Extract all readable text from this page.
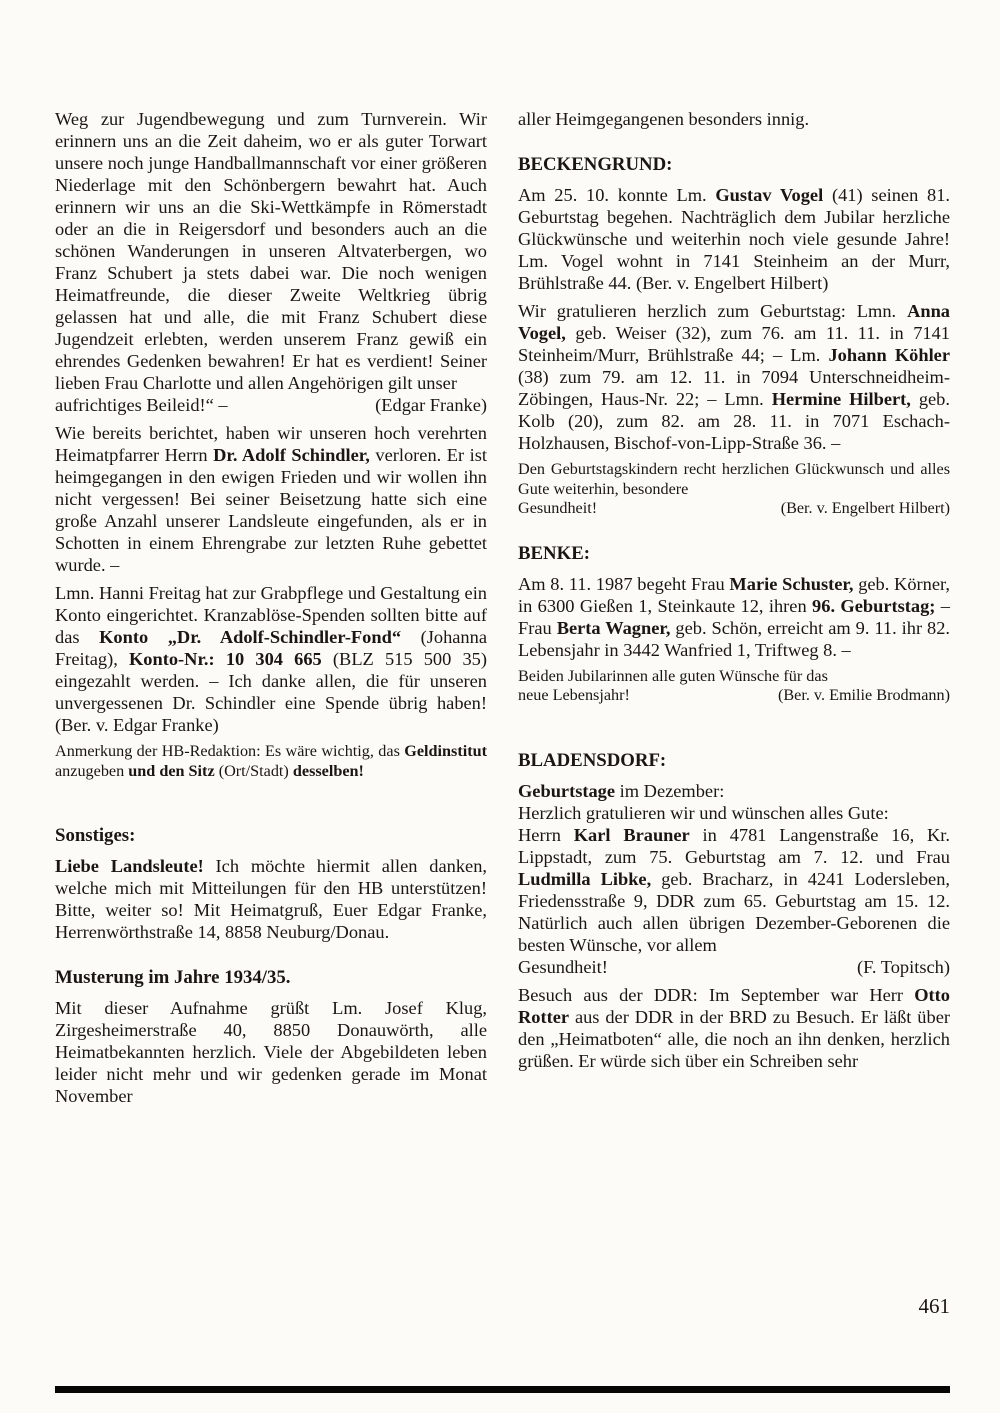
Weg zur Jugendbewegung und zum Turnverein. Wir erinnern uns an die Zeit daheim, wo er als guter Torwart unsere noch junge Handballmannschaft vor einer größeren Niederlage mit den Schönbergern bewahrt hat. Auch erinnern wir uns an die Ski-Wettkämpfe in Römerstadt oder an die in Reigersdorf und besonders auch an die schönen Wanderungen in unseren Altvaterbergen, wo Franz Schubert ja stets dabei war. Die noch wenigen Heimatfreunde, die dieser Zweite Weltkrieg übrig gelassen hat und alle, die mit Franz Schubert diese Jugendzeit erlebten, werden unserem Franz gewiß ein ehrendes Gedenken bewahren! Er hat es verdient! Seiner lieben Frau Charlotte und allen Angehörigen gilt unser

aufrichtiges Beileid!“ –	(Edgar Franke)

Wie bereits berichtet, haben wir unseren hoch verehrten Heimatpfarrer Herrn Dr. Adolf Schindler, verloren. Er ist heimgegangen in den ewigen Frieden und wir wollen ihn nicht vergessen! Bei seiner Beisetzung hatte sich eine große Anzahl unserer Landsleute eingefunden, als er in Schotten in einem Ehrengrabe zur letzten Ruhe gebettet wurde. –

Lmn. Hanni Freitag hat zur Grabpflege und Gestaltung ein Konto eingerichtet. Kranzablöse-Spenden sollten bitte auf das Konto „Dr. Adolf-Schindler-Fond“ (Johanna Freitag), Konto-Nr.: 10 304 665 (BLZ 515 500 35) eingezahlt werden. – Ich danke allen, die für unseren unvergessenen Dr. Schindler eine Spende übrig haben!(Ber. v. Edgar Franke)

Anmerkung der HB-Redaktion: Es wäre wichtig, das Geldinstitut anzugeben und den Sitz (Ort/Stadt) desselben!

Sonstiges:

Liebe Landsleute! Ich möchte hiermit allen danken, welche mich mit Mitteilungen für den HB unterstützen! Bitte, weiter so! Mit Heimatgruß, Euer Edgar Franke, Herrenwörthstraße 14, 8858 Neuburg/Donau.

Musterung im Jahre 1934/35.

Mit dieser Aufnahme grüßt Lm. Josef Klug, Zirgesheimerstraße 40, 8850 Donauwörth, alle Heimatbekannten herzlich. Viele der Abgebildeten leben leider nicht mehr und wir gedenken gerade im Monat November

aller Heimgegangenen besonders innig.

BECKENGRUND:

Am 25. 10. konnte Lm. Gustav Vogel (41) seinen 81. Geburtstag begehen. Nachträglich dem Jubilar herzliche Glückwünsche und weiterhin noch viele gesunde Jahre! Lm. Vogel wohnt in 7141 Steinheim an der Murr, Brühlstraße 44. (Ber. v. Engelbert Hilbert)

Wir gratulieren herzlich zum Geburtstag: Lmn. Anna Vogel, geb. Weiser (32), zum 76. am 11. 11. in 7141 Steinheim/Murr, Brühlstraße 44; – Lm. Johann Köhler (38) zum 79. am 12. 11. in 7094 Unterschneidheim-Zöbingen, Haus-Nr. 22; – Lmn. Hermine Hilbert, geb. Kolb (20), zum 82. am 28. 11. in 7071 Eschach-Holzhausen, Bischof-von-Lipp-Straße 36. –

Den Geburtstagskindern recht herzlichen Glückwunsch und alles Gute weiterhin, besondere

Gesundheit!	(Ber. v. Engelbert Hilbert)
BENKE:

Am 8. 11. 1987 begeht Frau Marie Schuster, geb. Körner, in 6300 Gießen 1, Steinkaute 12, ihren 96. Geburtstag; – Frau Berta Wagner, geb. Schön, erreicht am 9. 11. ihr 82. Lebensjahr in 3442 Wanfried 1, Triftweg 8. –

Beiden Jubilarinnen alle guten Wünsche für das

neue Lebensjahr!	(Ber. v. Emilie Brodmann)
BLADENSDORF:

Geburtstage im Dezember:

Herzlich gratulieren wir und wünschen alles Gute:

Herrn Karl Brauner in 4781 Langenstraße 16, Kr. Lippstadt, zum 75. Geburtstag am 7. 12. und Frau Ludmilla Libke, geb. Bracharz, in 4241 Lodersleben, Friedensstraße 9, DDR zum 65. Geburtstag am 15. 12. Natürlich auch allen übrigen Dezember-Geborenen die besten Wünsche, vor allem

Gesundheit!	(F. Topitsch)

Besuch aus der DDR: Im September war Herr Otto Rotter aus der DDR in der BRD zu Besuch. Er läßt über den „Heimatboten“ alle, die noch an ihn denken, herzlich grüßen. Er würde sich über ein Schreiben sehr

461
